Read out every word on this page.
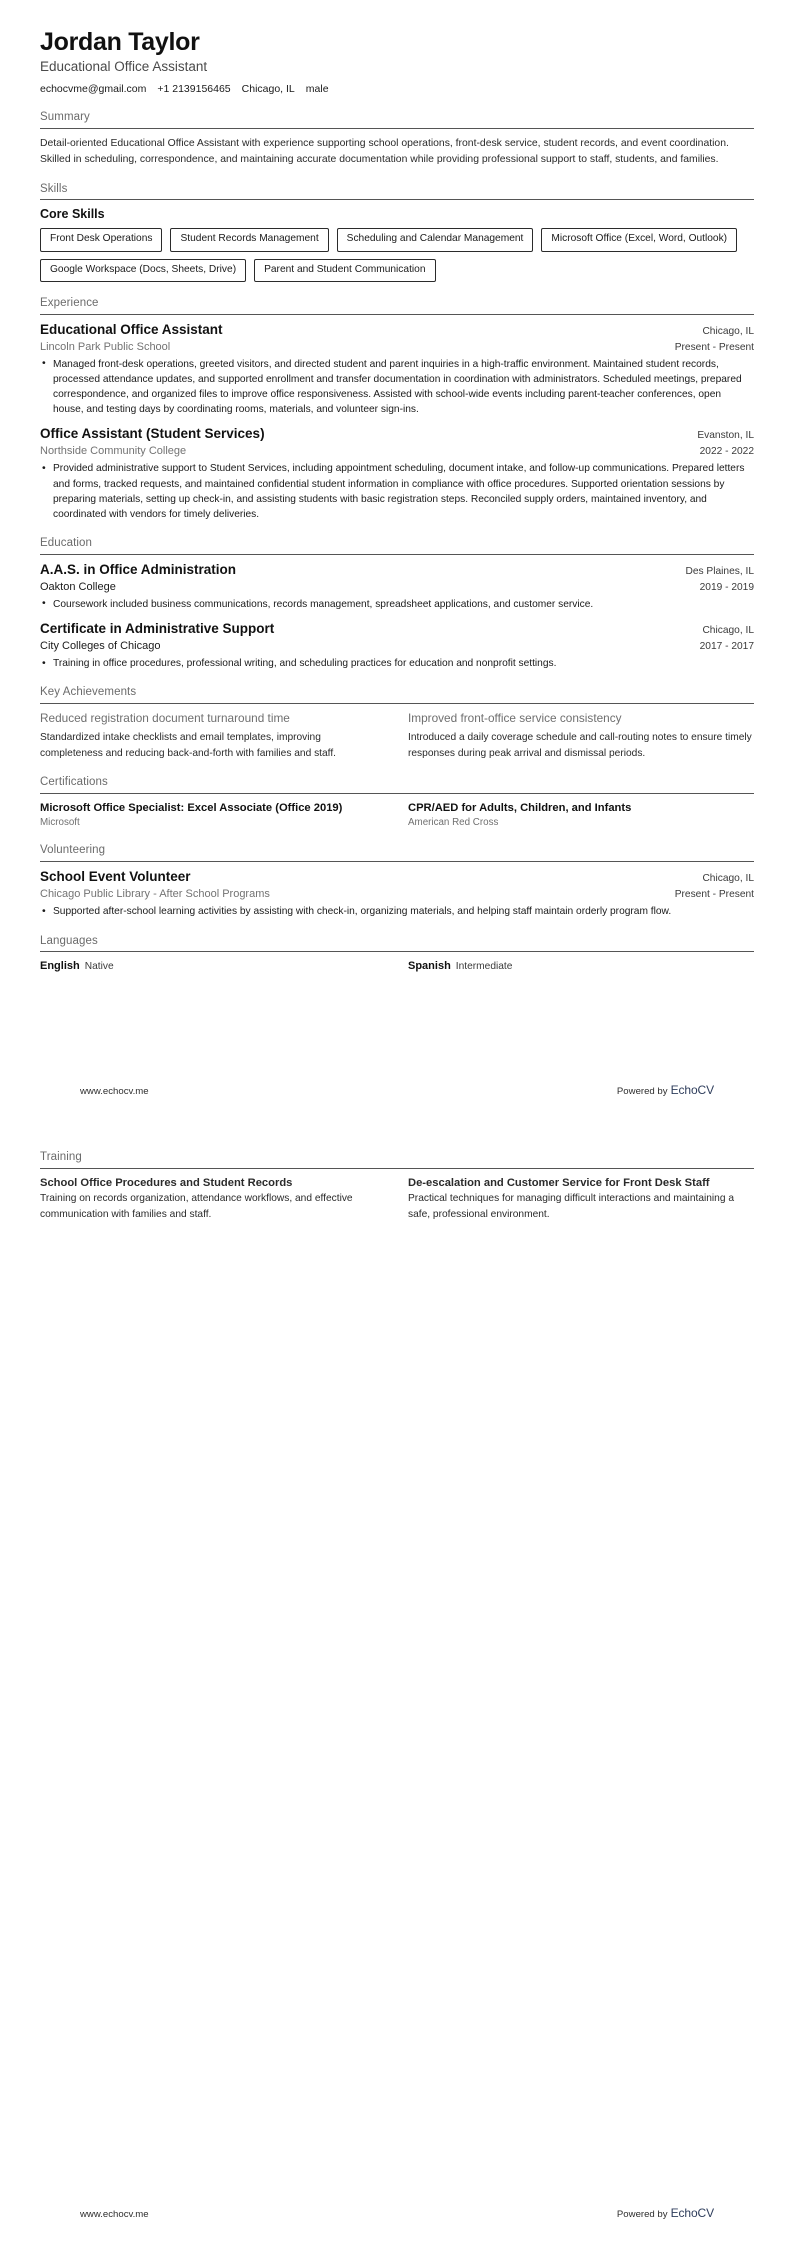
Jordan Taylor
Educational Office Assistant
echocvme@gmail.com +1 2139156465 Chicago, IL male
Summary

Detail-oriented Educational Office Assistant with experience supporting school operations, front-desk service, student records, and event coordination. Skilled in scheduling, correspondence, and maintaining accurate documentation while providing professional support to staff, students, and families.

Skills
Core Skills
Front Desk Operations	Student Records Management	Scheduling and Calendar Management	Microsoft Office (Excel, Word, Outlook)
Google Workspace (Docs, Sheets, Drive)	Parent and Student Communication
Experience
Educational Office Assistant	Chicago, IL
Lincoln Park Public School	Present - Present
• Managed front-desk operations, greeted visitors, and directed student and parent inquiries in a high-traffic environment. Maintained student records, processed attendance updates, and supported enrollment and transfer documentation in coordination with administrators. Scheduled meetings, prepared correspondence, and organized files to improve office responsiveness. Assisted with school-wide events including parent-teacher conferences, open house, and testing days by coordinating rooms, materials, and volunteer sign-ins.
Office Assistant (Student Services)	Evanston, IL
Northside Community College	2022 - 2022
• Provided administrative support to Student Services, including appointment scheduling, document intake, and follow-up communications. Prepared letters and forms, tracked requests, and maintained confidential student information in compliance with office procedures. Supported orientation sessions by preparing materials, setting up check-in, and assisting students with basic registration steps. Reconciled supply orders, maintained inventory, and coordinated with vendors for timely deliveries.
Education
A.A.S. in Office Administration	Des Plaines, IL
Oakton College	2019 - 2019
• Coursework included business communications, records management, spreadsheet applications, and customer service.
Certificate in Administrative Support	Chicago, IL
City Colleges of Chicago	2017 - 2017
• Training in office procedures, professional writing, and scheduling practices for education and nonprofit settings.
Key Achievements
Reduced registration document turnaround time
Standardized intake checklists and email templates, improving completeness and reducing back-and-forth with families and staff.
Improved front-office service consistency
Introduced a daily coverage schedule and call-routing notes to ensure timely responses during peak arrival and dismissal periods.
Certifications
Microsoft Office Specialist: Excel Associate (Office 2019)
Microsoft
CPR/AED for Adults, Children, and Infants
American Red Cross
Volunteering
School Event Volunteer	Chicago, IL
Chicago Public Library - After School Programs	Present - Present
• Supported after-school learning activities by assisting with check-in, organizing materials, and helping staff maintain orderly program flow.
Languages
English Native	Spanish Intermediate
www.echocv.me	Powered by EchoCV
Training
School Office Procedures and Student Records
Training on records organization, attendance workflows, and effective communication with families and staff.
De-escalation and Customer Service for Front Desk Staff
Practical techniques for managing difficult interactions and maintaining a safe, professional environment.
www.echocv.me	Powered by EchoCV
